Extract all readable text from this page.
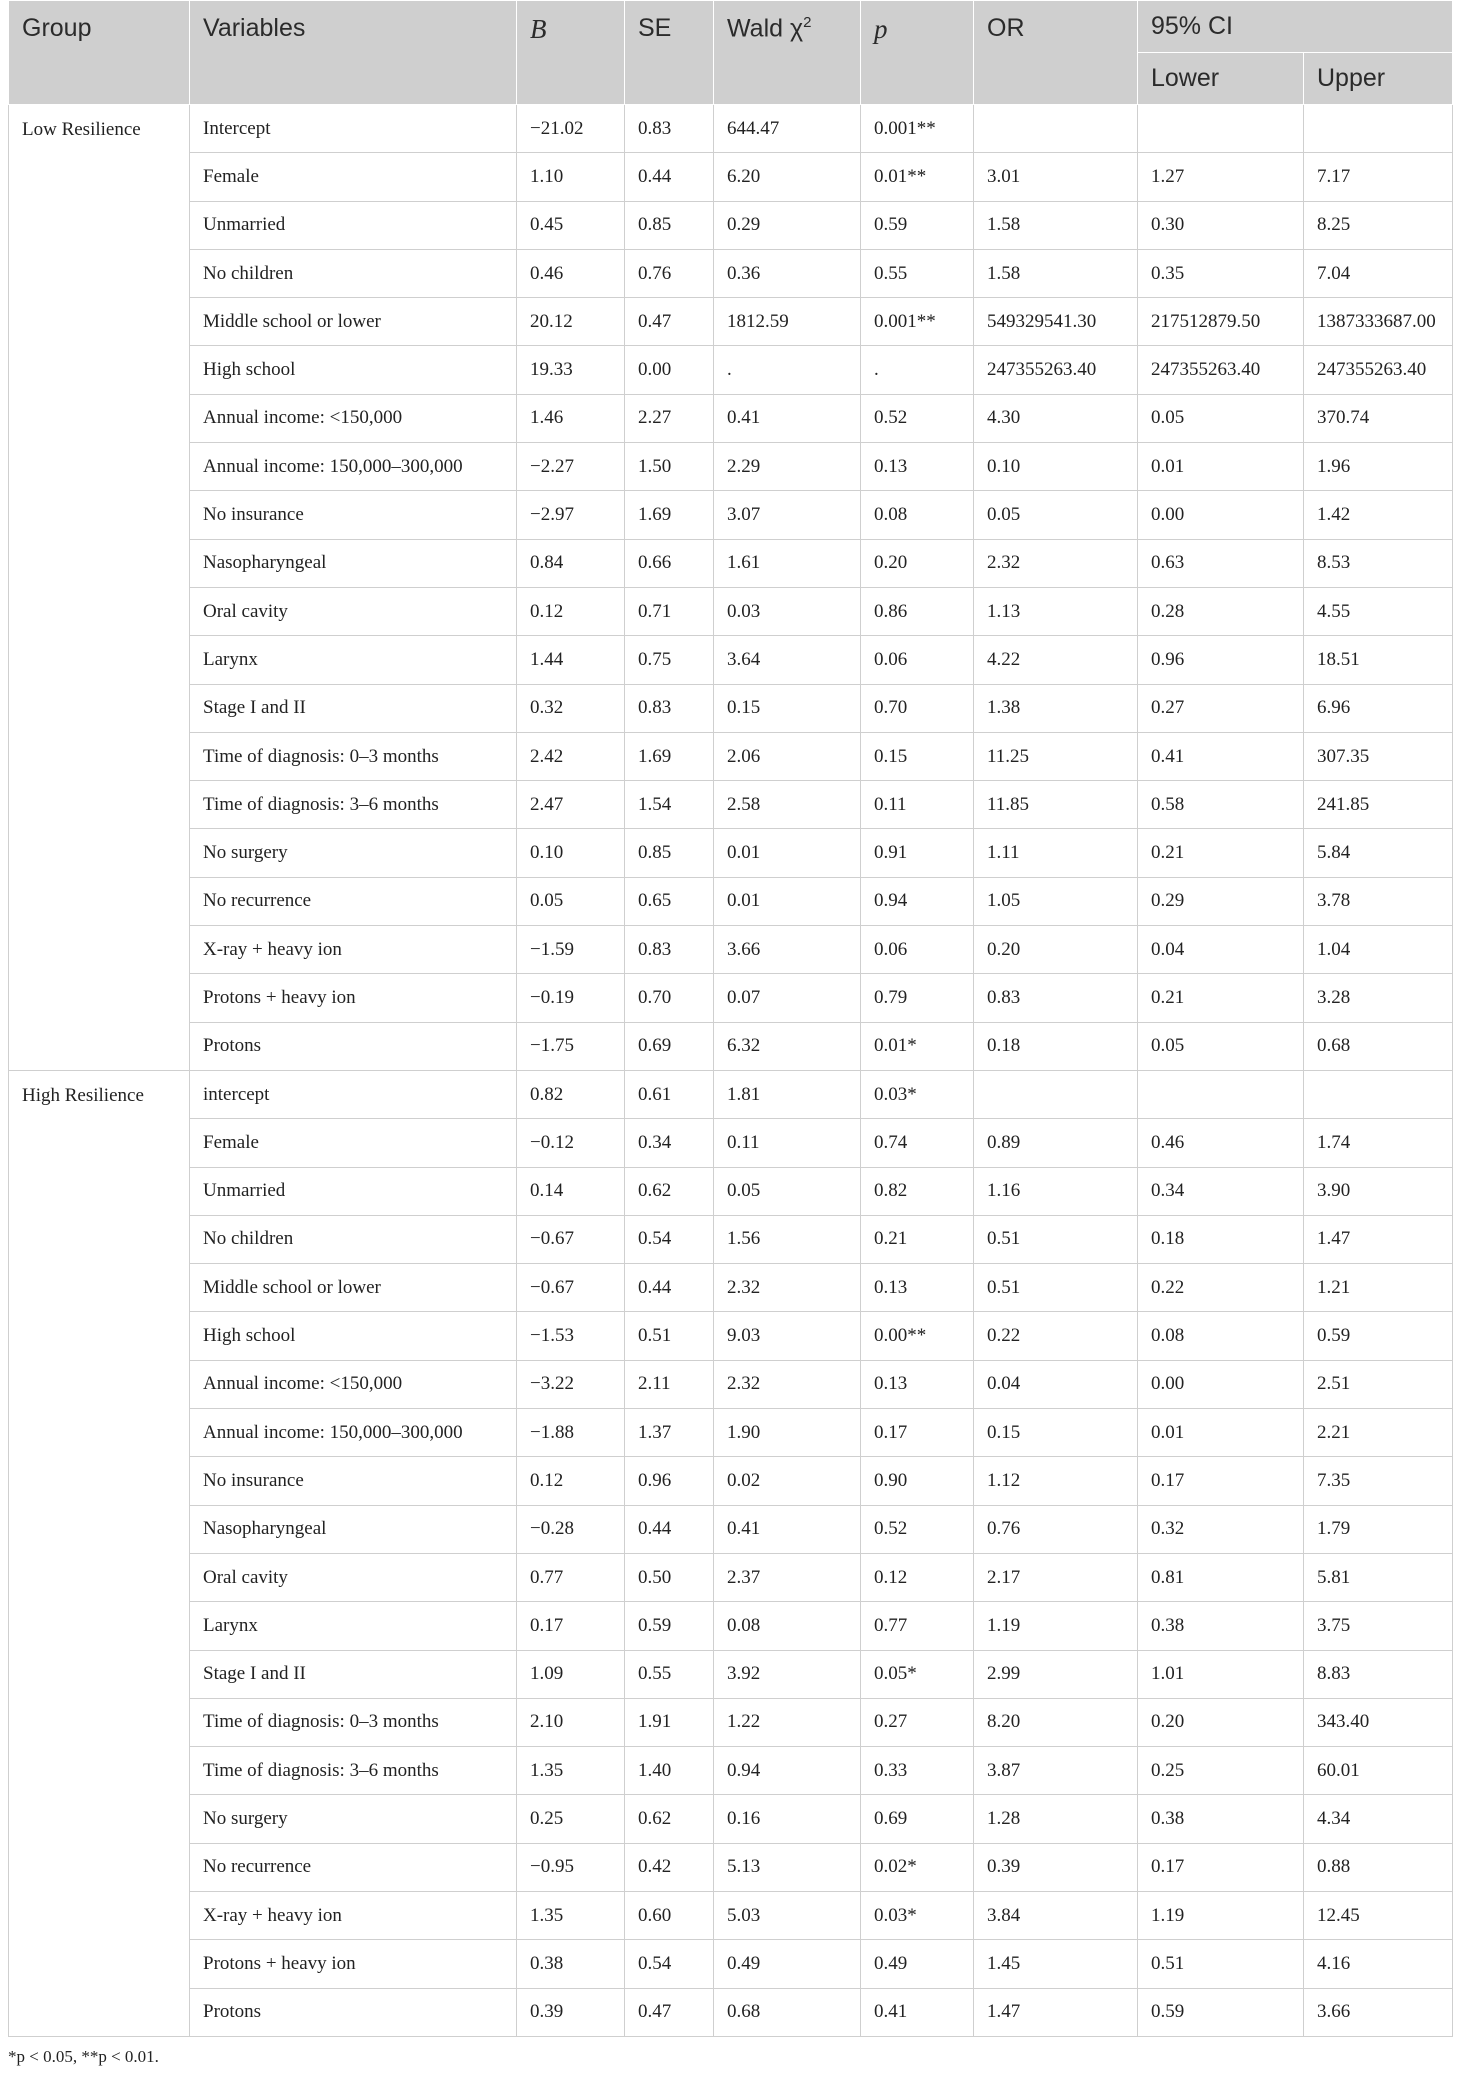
Group	Variables	B	SE	Wald $\chi^2$	p	OR	95% CI	
							Lower	Upper
Low Resilience	Intercept	−21.02	0.83	644.47	0.001**			
	Female	1.10	0.44	6.20	0.01**	3.01	1.27	7.17
	Unmarried	0.45	0.85	0.29	0.59	1.58	0.30	8.25
	No children	0.46	0.76	0.36	0.55	1.58	0.35	7.04
	Middle school or lower	20.12	0.47	1812.59	0.001**	549329541.30	217512879.50	1387333687.00
	High school	19.33	0.00	.	.	247355263.40	247355263.40	247355263.40
	Annual income: <150,000	1.46	2.27	0.41	0.52	4.30	0.05	370.74
	Annual income: 150,000–300,000	−2.27	1.50	2.29	0.13	0.10	0.01	1.96
	No insurance	−2.97	1.69	3.07	0.08	0.05	0.00	1.42
	Nasopharyngeal	0.84	0.66	1.61	0.20	2.32	0.63	8.53
	Oral cavity	0.12	0.71	0.03	0.86	1.13	0.28	4.55
	Larynx	1.44	0.75	3.64	0.06	4.22	0.96	18.51
	Stage I and II	0.32	0.83	0.15	0.70	1.38	0.27	6.96
	Time of diagnosis: 0–3 months	2.42	1.69	2.06	0.15	11.25	0.41	307.35
	Time of diagnosis: 3–6 months	2.47	1.54	2.58	0.11	11.85	0.58	241.85
	No surgery	0.10	0.85	0.01	0.91	1.11	0.21	5.84
	No recurrence	0.05	0.65	0.01	0.94	1.05	0.29	3.78
	X-ray + heavy ion	−1.59	0.83	3.66	0.06	0.20	0.04	1.04
	Protons + heavy ion	−0.19	0.70	0.07	0.79	0.83	0.21	3.28
	Protons	−1.75	0.69	6.32	0.01*	0.18	0.05	0.68
High Resilience	intercept	0.82	0.61	1.81	0.03*			
	Female	−0.12	0.34	0.11	0.74	0.89	0.46	1.74
	Unmarried	0.14	0.62	0.05	0.82	1.16	0.34	3.90
	No children	−0.67	0.54	1.56	0.21	0.51	0.18	1.47
	Middle school or lower	−0.67	0.44	2.32	0.13	0.51	0.22	1.21
	High school	−1.53	0.51	9.03	0.00**	0.22	0.08	0.59
	Annual income: <150,000	−3.22	2.11	2.32	0.13	0.04	0.00	2.51
	Annual income: 150,000–300,000	−1.88	1.37	1.90	0.17	0.15	0.01	2.21
	No insurance	0.12	0.96	0.02	0.90	1.12	0.17	7.35
	Nasopharyngeal	−0.28	0.44	0.41	0.52	0.76	0.32	1.79
	Oral cavity	0.77	0.50	2.37	0.12	2.17	0.81	5.81
	Larynx	0.17	0.59	0.08	0.77	1.19	0.38	3.75
	Stage I and II	1.09	0.55	3.92	0.05*	2.99	1.01	8.83
	Time of diagnosis: 0–3 months	2.10	1.91	1.22	0.27	8.20	0.20	343.40
	Time of diagnosis: 3–6 months	1.35	1.40	0.94	0.33	3.87	0.25	60.01
	No surgery	0.25	0.62	0.16	0.69	1.28	0.38	4.34
	No recurrence	−0.95	0.42	5.13	0.02*	0.39	0.17	0.88
	X-ray + heavy ion	1.35	0.60	5.03	0.03*	3.84	1.19	12.45
	Protons + heavy ion	0.38	0.54	0.49	0.49	1.45	0.51	4.16
	Protons	0.39	0.47	0.68	0.41	1.47	0.59	3.66
*p < 0.05, **p < 0.01.
